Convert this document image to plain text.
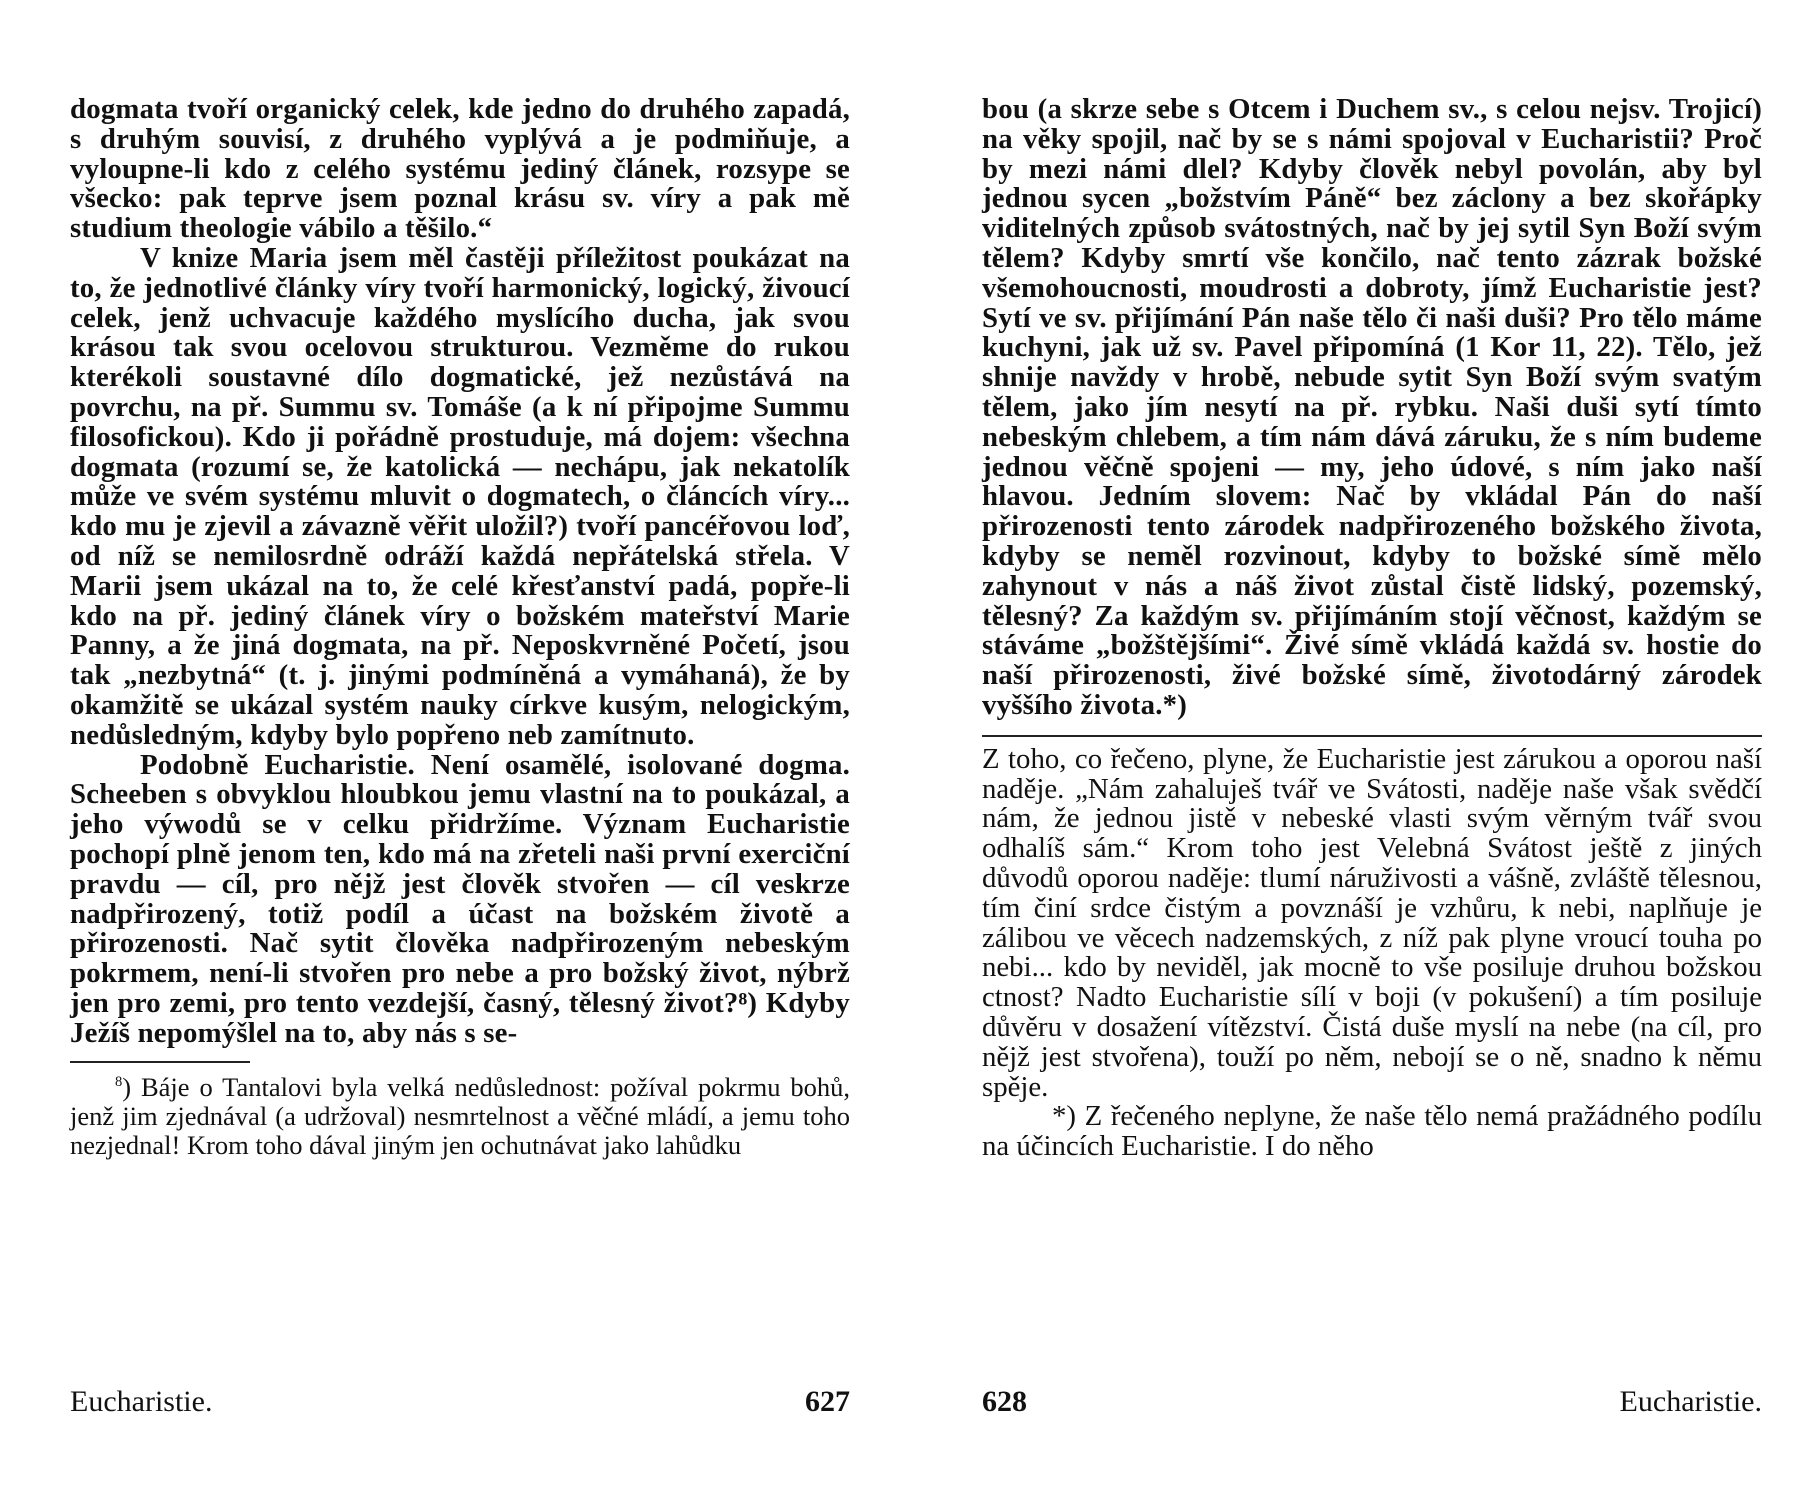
dogmata tvoří organický celek, kde jedno do druhého zapadá, s druhým souvisí, z druhého vyplývá a je podmiňuje, a vyloupne-li kdo z celého systému jediný článek, rozsype se všecko: pak teprve jsem poznal krásu sv. víry a pak mě studium theologie vábilo a těšilo.“

V knize Maria jsem měl častěji příležitost poukázat na to, že jednotlivé články víry tvoří harmonický, logický, živoucí celek, jenž uchvacuje každého myslícího ducha, jak svou krásou tak svou ocelovou strukturou. Vezměme do rukou kterékoli soustavné dílo dogmatické, jež nezůstává na povrchu, na př. Summu sv. Tomáše (a k ní připojme Summu filosofickou). Kdo ji pořádně prostuduje, má dojem: všechna dogmata (rozumí se, že katolická — nechápu, jak nekatolík může ve svém systému mluvit o dogmatech, o článcích víry... kdo mu je zjevil a závazně věřit uložil?) tvoří pancéřovou loď, od níž se nemilosrdně odráží každá nepřátelská střela. V Marii jsem ukázal na to, že celé křesťanství padá, popře-li kdo na př. jediný článek víry o božském mateřství Marie Panny, a že jiná dogmata, na př. Neposkvrněné Početí, jsou tak „nezbytná“ (t. j. jinými podmíněná a vymáhaná), že by okamžitě se ukázal systém nauky církve kusým, nelogickým, nedůsledným, kdyby bylo popřeno neb zamítnuto.

Podobně Eucharistie. Není osamělé, isolované dogma. Scheeben s obvyklou hloubkou jemu vlastní na to poukázal, a jeho výwodů se v celku přidržíme. Význam Eucharistie pochopí plně jenom ten, kdo má na zřeteli naši první exerciční pravdu — cíl, pro nějž jest člověk stvořen — cíl veskrze nadpřirozený, totiž podíl a účast na božském životě a přirozenosti. Nač sytit člověka nadpřirozeným nebeským pokrmem, není-li stvořen pro nebe a pro božský život, nýbrž jen pro zemi, pro tento vezdejší, časný, tělesný život?⁸) Kdyby Ježíš nepomýšlel na to, aby nás s se-

$^8$) Báje o Tantalovi byla velká nedůslednost: požíval pokrmu bohů, jenž jim zjednával (a udržoval) nesmrtelnost a věčné mládí, a jemu toho nezjednal! Krom toho dával jiným jen ochutnávat jako lahůdku

bou (a skrze sebe s Otcem i Duchem sv., s celou nejsv. Trojicí) na věky spojil, nač by se s námi spojoval v Eucharistii? Proč by mezi námi dlel? Kdyby člověk nebyl povolán, aby byl jednou sycen „božstvím Páně“ bez záclony a bez skořápky viditelných způsob svátostných, nač by jej sytil Syn Boží svým tělem? Kdyby smrtí vše končilo, nač tento zázrak božské všemohoucnosti, moudrosti a dobroty, jímž Eucharistie jest? Sytí ve sv. přijímání Pán naše tělo či naši duši? Pro tělo máme kuchyni, jak už sv. Pavel připomíná (1 Kor 11, 22). Tělo, jež shnije navždy v hrobě, nebude sytit Syn Boží svým svatým tělem, jako jím nesytí na př. rybku. Naši duši sytí tímto nebeským chlebem, a tím nám dává záruku, že s ním budeme jednou věčně spojeni — my, jeho údové, s ním jako naší hlavou. Jedním slovem: Nač by vkládal Pán do naší přirozenosti tento zárodek nadpřirozeného božského života, kdyby se neměl rozvinout, kdyby to božské símě mělo zahynout v nás a náš život zůstal čistě lidský, pozemský, tělesný? Za každým sv. přijímáním stojí věčnost, každým se stáváme „božštějšími“. Živé símě vkládá každá sv. hostie do naší přirozenosti, živé božské símě, životodárný zárodek vyššího života.*)

Z toho, co řečeno, plyne, že Eucharistie jest zárukou a oporou naší naděje. „Nám zahaluješ tvář ve Svátosti, naděje naše však svědčí nám, že jednou jistě v nebeské vlasti svým věrným tvář svou odhalíš sám.“ Krom toho jest Velebná Svátost ještě z jiných důvodů oporou naděje: tlumí náruživosti a vášně, zvláště tělesnou, tím činí srdce čistým a povznáší je vzhůru, k nebi, naplňuje je zálibou ve věcech nadzemských, z níž pak plyne vroucí touha po nebi... kdo by neviděl, jak mocně to vše posiluje druhou božskou ctnost? Nadto Eucharistie sílí v boji (v pokušení) a tím posiluje důvěru v dosažení vítězství. Čistá duše myslí na nebe (na cíl, pro nějž jest stvořena), touží po něm, nebojí se o ně, snadno k němu spěje.

*) Z řečeného neplyne, že naše tělo nemá pražádného podílu na účincích Eucharistie. I do něho

Eucharistie.	627	628	Eucharistie.
